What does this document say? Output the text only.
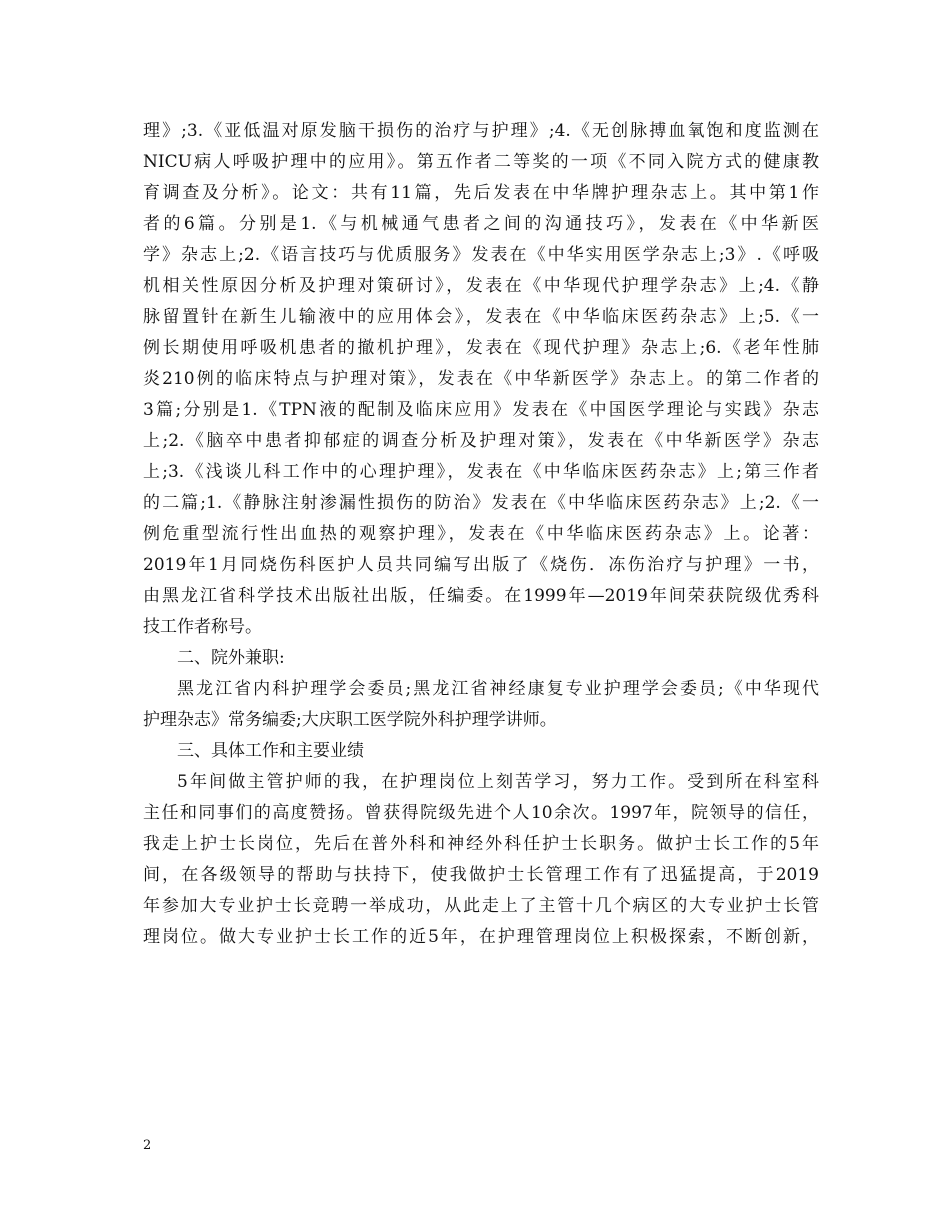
理》;3.《亚低温对原发脑干损伤的治疗与护理》;4.《无创脉搏血氧饱和度监测在
NICU病人呼吸护理中的应用》。第五作者二等奖的一项《不同入院方式的健康教
育调查及分析》。论文：共有11篇，先后发表在中华牌护理杂志上。其中第1作
者的6篇。分别是1.《与机械通气患者之间的沟通技巧》，发表在《中华新医
学》杂志上;2.《语言技巧与优质服务》发表在《中华实用医学杂志上;3》.《呼吸
机相关性原因分析及护理对策研讨》，发表在《中华现代护理学杂志》上;4.《静
脉留置针在新生儿输液中的应用体会》，发表在《中华临床医药杂志》上;5.《一
例长期使用呼吸机患者的撤机护理》，发表在《现代护理》杂志上;6.《老年性肺
炎210例的临床特点与护理对策》，发表在《中华新医学》杂志上。的第二作者的
3篇;分别是1.《TPN液的配制及临床应用》发表在《中国医学理论与实践》杂志
上;2.《脑卒中患者抑郁症的调查分析及护理对策》，发表在《中华新医学》杂志
上;3.《浅谈儿科工作中的心理护理》，发表在《中华临床医药杂志》上;第三作者
的二篇;1.《静脉注射渗漏性损伤的防治》发表在《中华临床医药杂志》上;2.《一
例危重型流行性出血热的观察护理》，发表在《中华临床医药杂志》上。论著：
2019年1月同烧伤科医护人员共同编写出版了《烧伤．冻伤治疗与护理》一书，
由黑龙江省科学技术出版社出版，任编委。在1999年—2019年间荣获院级优秀科
技工作者称号。
二、院外兼职:
黑龙江省内科护理学会委员;黑龙江省神经康复专业护理学会委员;《中华现代
护理杂志》常务编委;大庆职工医学院外科护理学讲师。
三、具体工作和主要业绩
5年间做主管护师的我，在护理岗位上刻苦学习，努力工作。受到所在科室科
主任和同事们的高度赞扬。曾获得院级先进个人10余次。1997年，院领导的信任，
我走上护士长岗位，先后在普外科和神经外科任护士长职务。做护士长工作的5年
间，在各级领导的帮助与扶持下，使我做护士长管理工作有了迅猛提高，于2019
年参加大专业护士长竞聘一举成功，从此走上了主管十几个病区的大专业护士长管
理岗位。做大专业护士长工作的近5年，在护理管理岗位上积极探索，不断创新，
2
